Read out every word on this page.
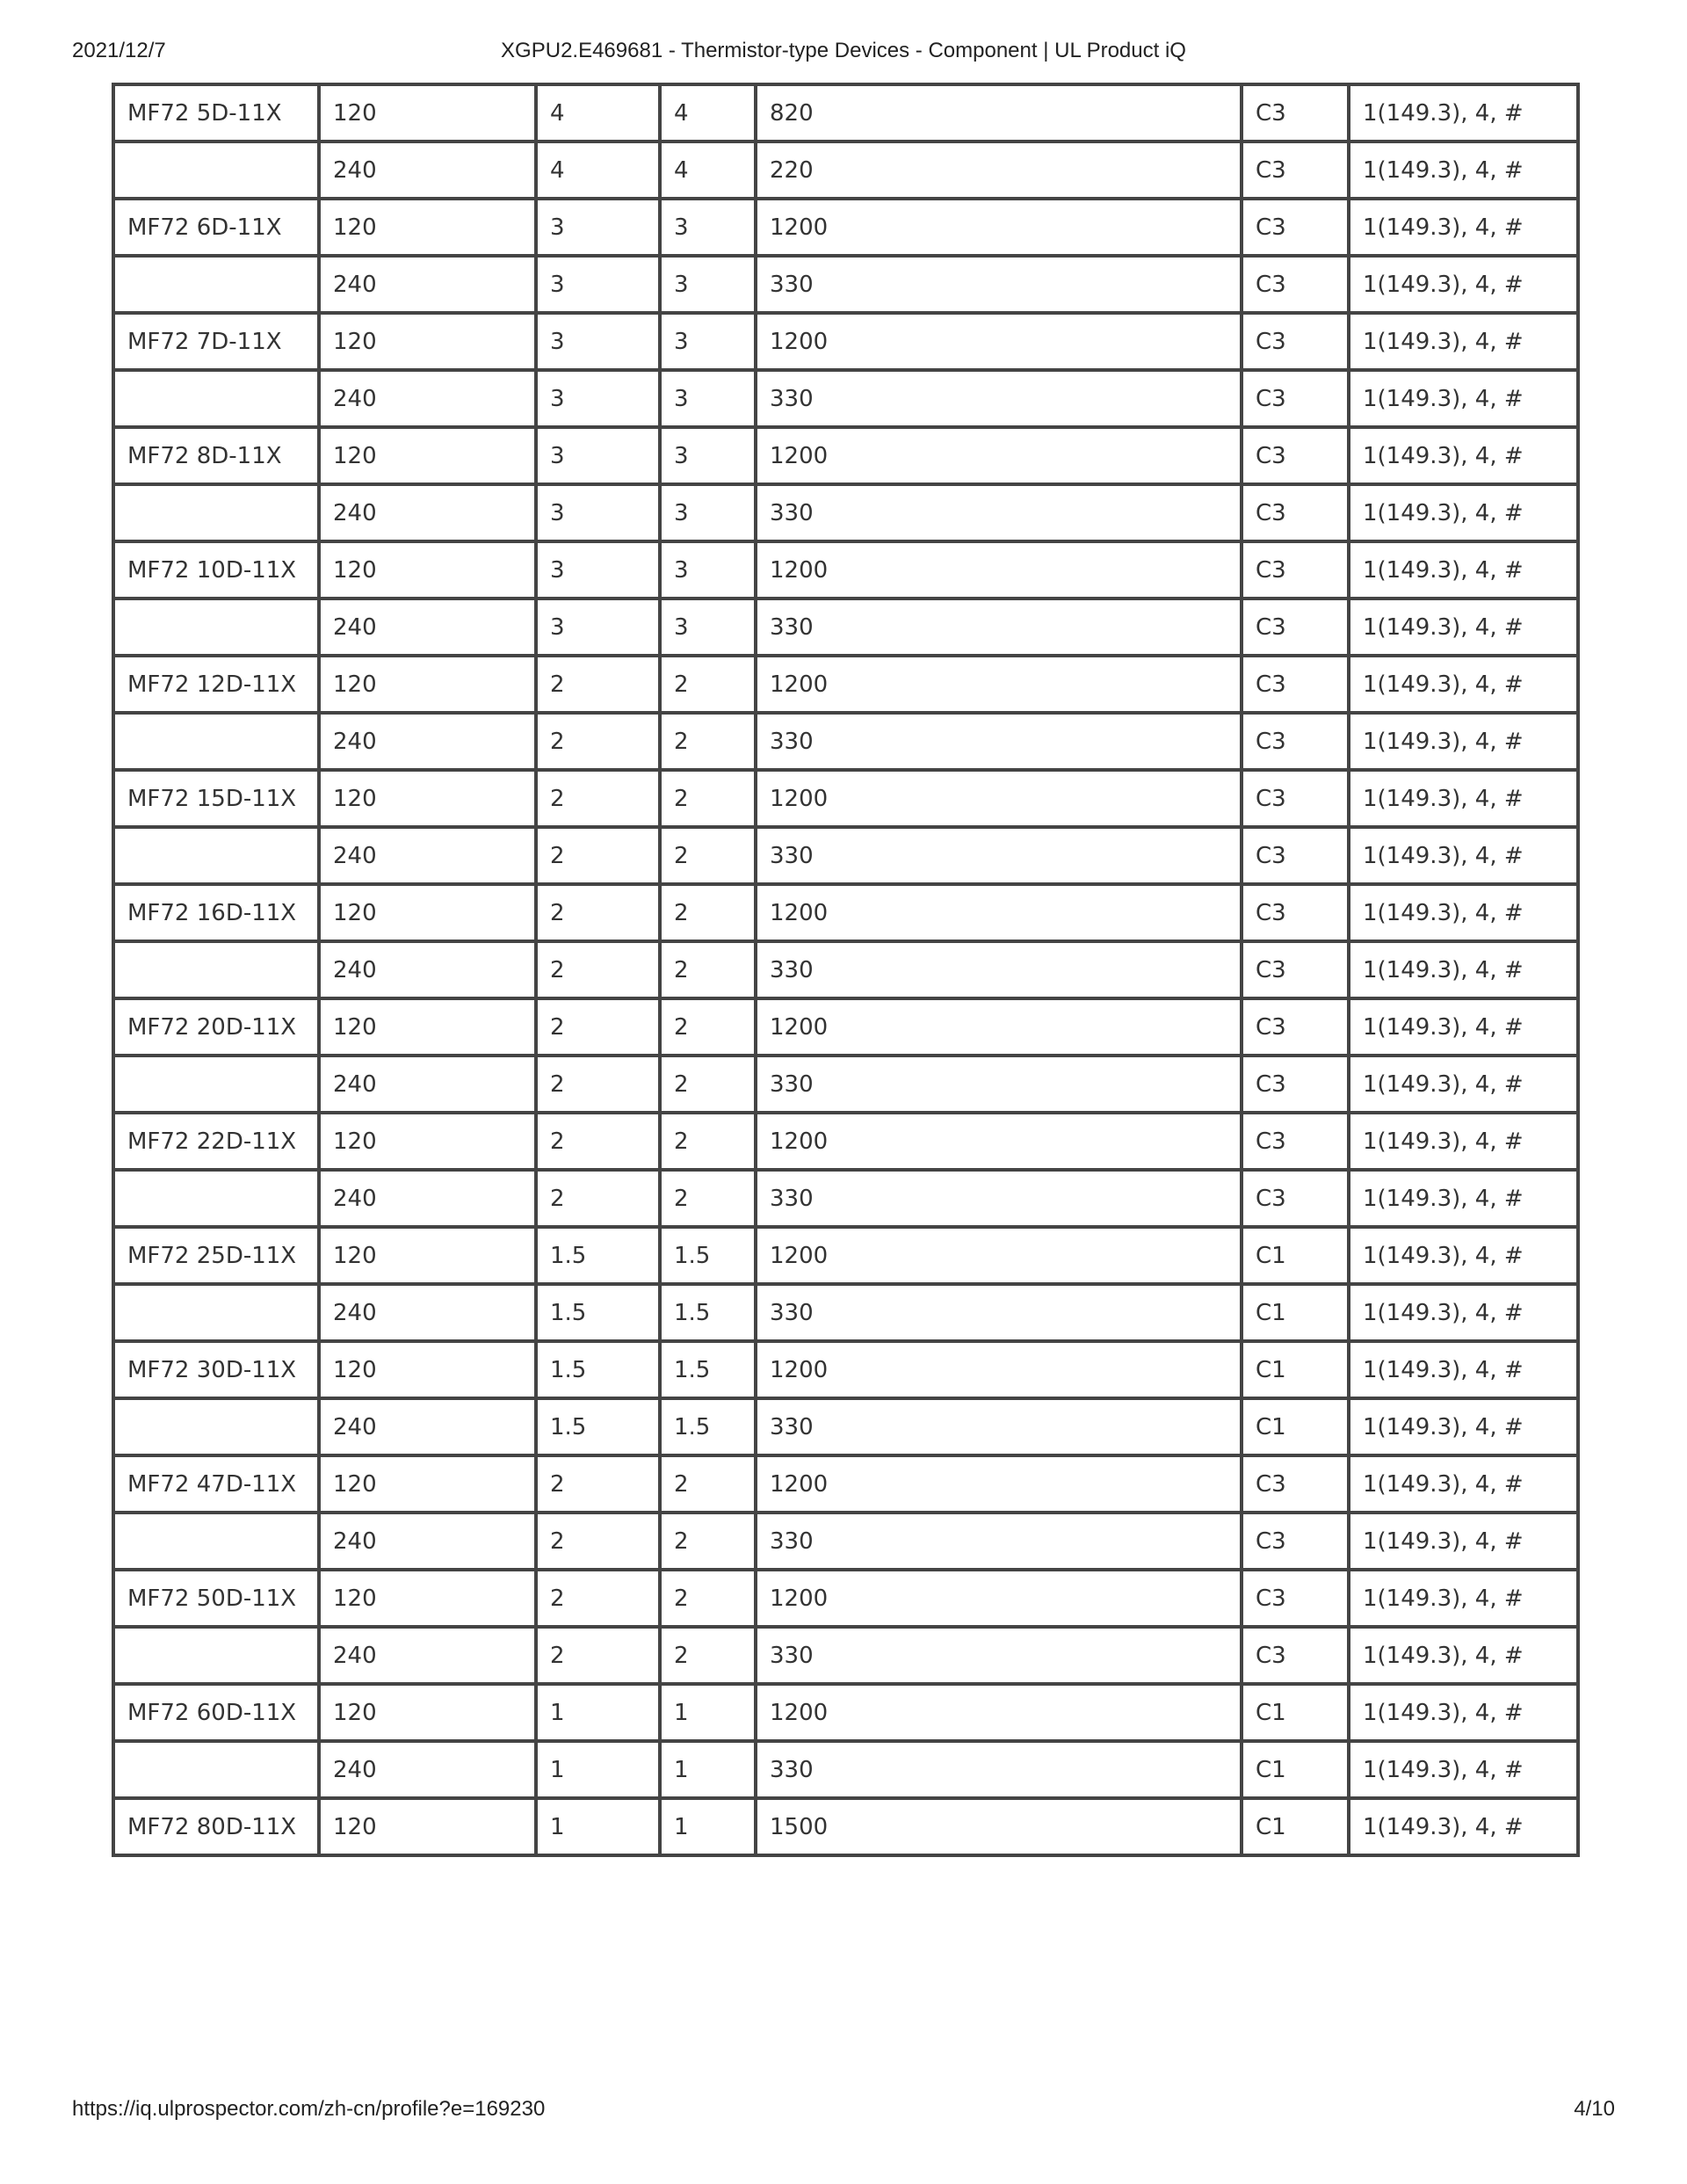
2021/12/7	XGPU2.E469681 - Thermistor-type Devices - Component | UL Product iQ
MF72 5D-11X	120	4	4	820	C3	1(149.3), 4, #
	240	4	4	220	C3	1(149.3), 4, #
MF72 6D-11X	120	3	3	1200	C3	1(149.3), 4, #
	240	3	3	330	C3	1(149.3), 4, #
MF72 7D-11X	120	3	3	1200	C3	1(149.3), 4, #
	240	3	3	330	C3	1(149.3), 4, #
MF72 8D-11X	120	3	3	1200	C3	1(149.3), 4, #
	240	3	3	330	C3	1(149.3), 4, #
MF72 10D-11X	120	3	3	1200	C3	1(149.3), 4, #
	240	3	3	330	C3	1(149.3), 4, #
MF72 12D-11X	120	2	2	1200	C3	1(149.3), 4, #
	240	2	2	330	C3	1(149.3), 4, #
MF72 15D-11X	120	2	2	1200	C3	1(149.3), 4, #
	240	2	2	330	C3	1(149.3), 4, #
MF72 16D-11X	120	2	2	1200	C3	1(149.3), 4, #
	240	2	2	330	C3	1(149.3), 4, #
MF72 20D-11X	120	2	2	1200	C3	1(149.3), 4, #
	240	2	2	330	C3	1(149.3), 4, #
MF72 22D-11X	120	2	2	1200	C3	1(149.3), 4, #
	240	2	2	330	C3	1(149.3), 4, #
MF72 25D-11X	120	1.5	1.5	1200	C1	1(149.3), 4, #
	240	1.5	1.5	330	C1	1(149.3), 4, #
MF72 30D-11X	120	1.5	1.5	1200	C1	1(149.3), 4, #
	240	1.5	1.5	330	C1	1(149.3), 4, #
MF72 47D-11X	120	2	2	1200	C3	1(149.3), 4, #
	240	2	2	330	C3	1(149.3), 4, #
MF72 50D-11X	120	2	2	1200	C3	1(149.3), 4, #
	240	2	2	330	C3	1(149.3), 4, #
MF72 60D-11X	120	1	1	1200	C1	1(149.3), 4, #
	240	1	1	330	C1	1(149.3), 4, #
MF72 80D-11X	120	1	1	1500	C1	1(149.3), 4, #
https://iq.ulprospector.com/zh-cn/profile?e=169230	4/10
